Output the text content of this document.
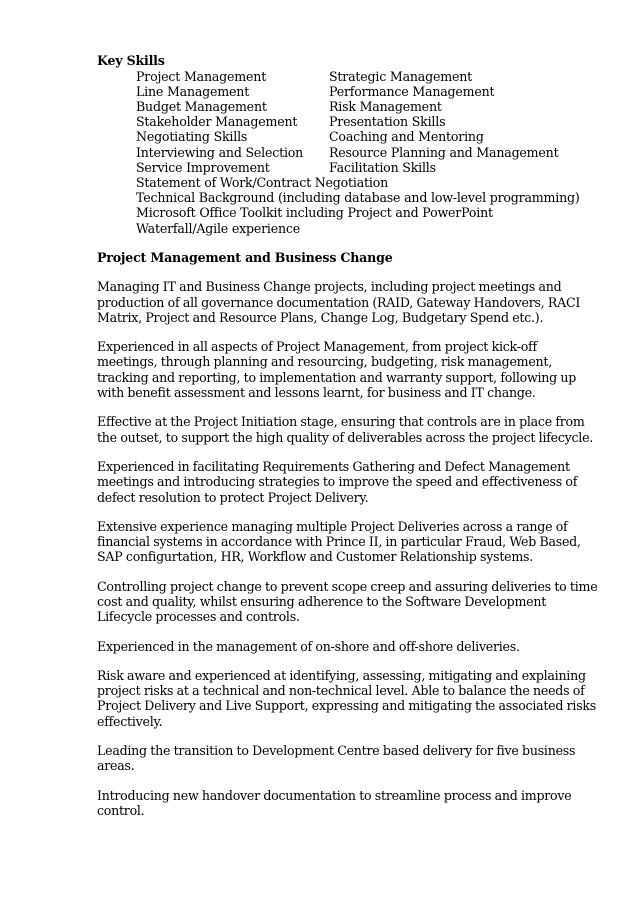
Key Skills
Project Management	Strategic Management
Line Management	Performance Management
Budget Management	Risk Management
Stakeholder Management	Presentation Skills
Negotiating Skills	Coaching and Mentoring
Interviewing and Selection	Resource Planning and Management
Service Improvement	Facilitation Skills
Statement of Work/Contract Negotiation
Technical Background (including database and low-level programming)
Microsoft Office Toolkit including Project and PowerPoint
Waterfall/Agile experience
Project Management and Business Change
Managing IT and Business Change projects, including project meetings and
production of all governance documentation (RAID, Gateway Handovers, RACI
Matrix, Project and Resource Plans, Change Log, Budgetary Spend etc.).
Experienced in all aspects of Project Management, from project kick-off
meetings, through planning and resourcing, budgeting, risk management,
tracking and reporting, to implementation and warranty support, following up
with benefit assessment and lessons learnt, for business and IT change.
Effective at the Project Initiation stage, ensuring that controls are in place from
the outset, to support the high quality of deliverables across the project lifecycle.
Experienced in facilitating Requirements Gathering and Defect Management
meetings and introducing strategies to improve the speed and effectiveness of
defect resolution to protect Project Delivery.
Extensive experience managing multiple Project Deliveries across a range of
financial systems in accordance with Prince II, in particular Fraud, Web Based,
SAP configurtation, HR, Workflow and Customer Relationship systems.
Controlling project change to prevent scope creep and assuring deliveries to time
cost and quality, whilst ensuring adherence to the Software Development
Lifecycle processes and controls.
Experienced in the management of on-shore and off-shore deliveries.
Risk aware and experienced at identifying, assessing, mitigating and explaining
project risks at a technical and non-technical level. Able to balance the needs of
Project Delivery and Live Support, expressing and mitigating the associated risks
effectively.
Leading the transition to Development Centre based delivery for five business
areas.
Introducing new handover documentation to streamline process and improve
control.
